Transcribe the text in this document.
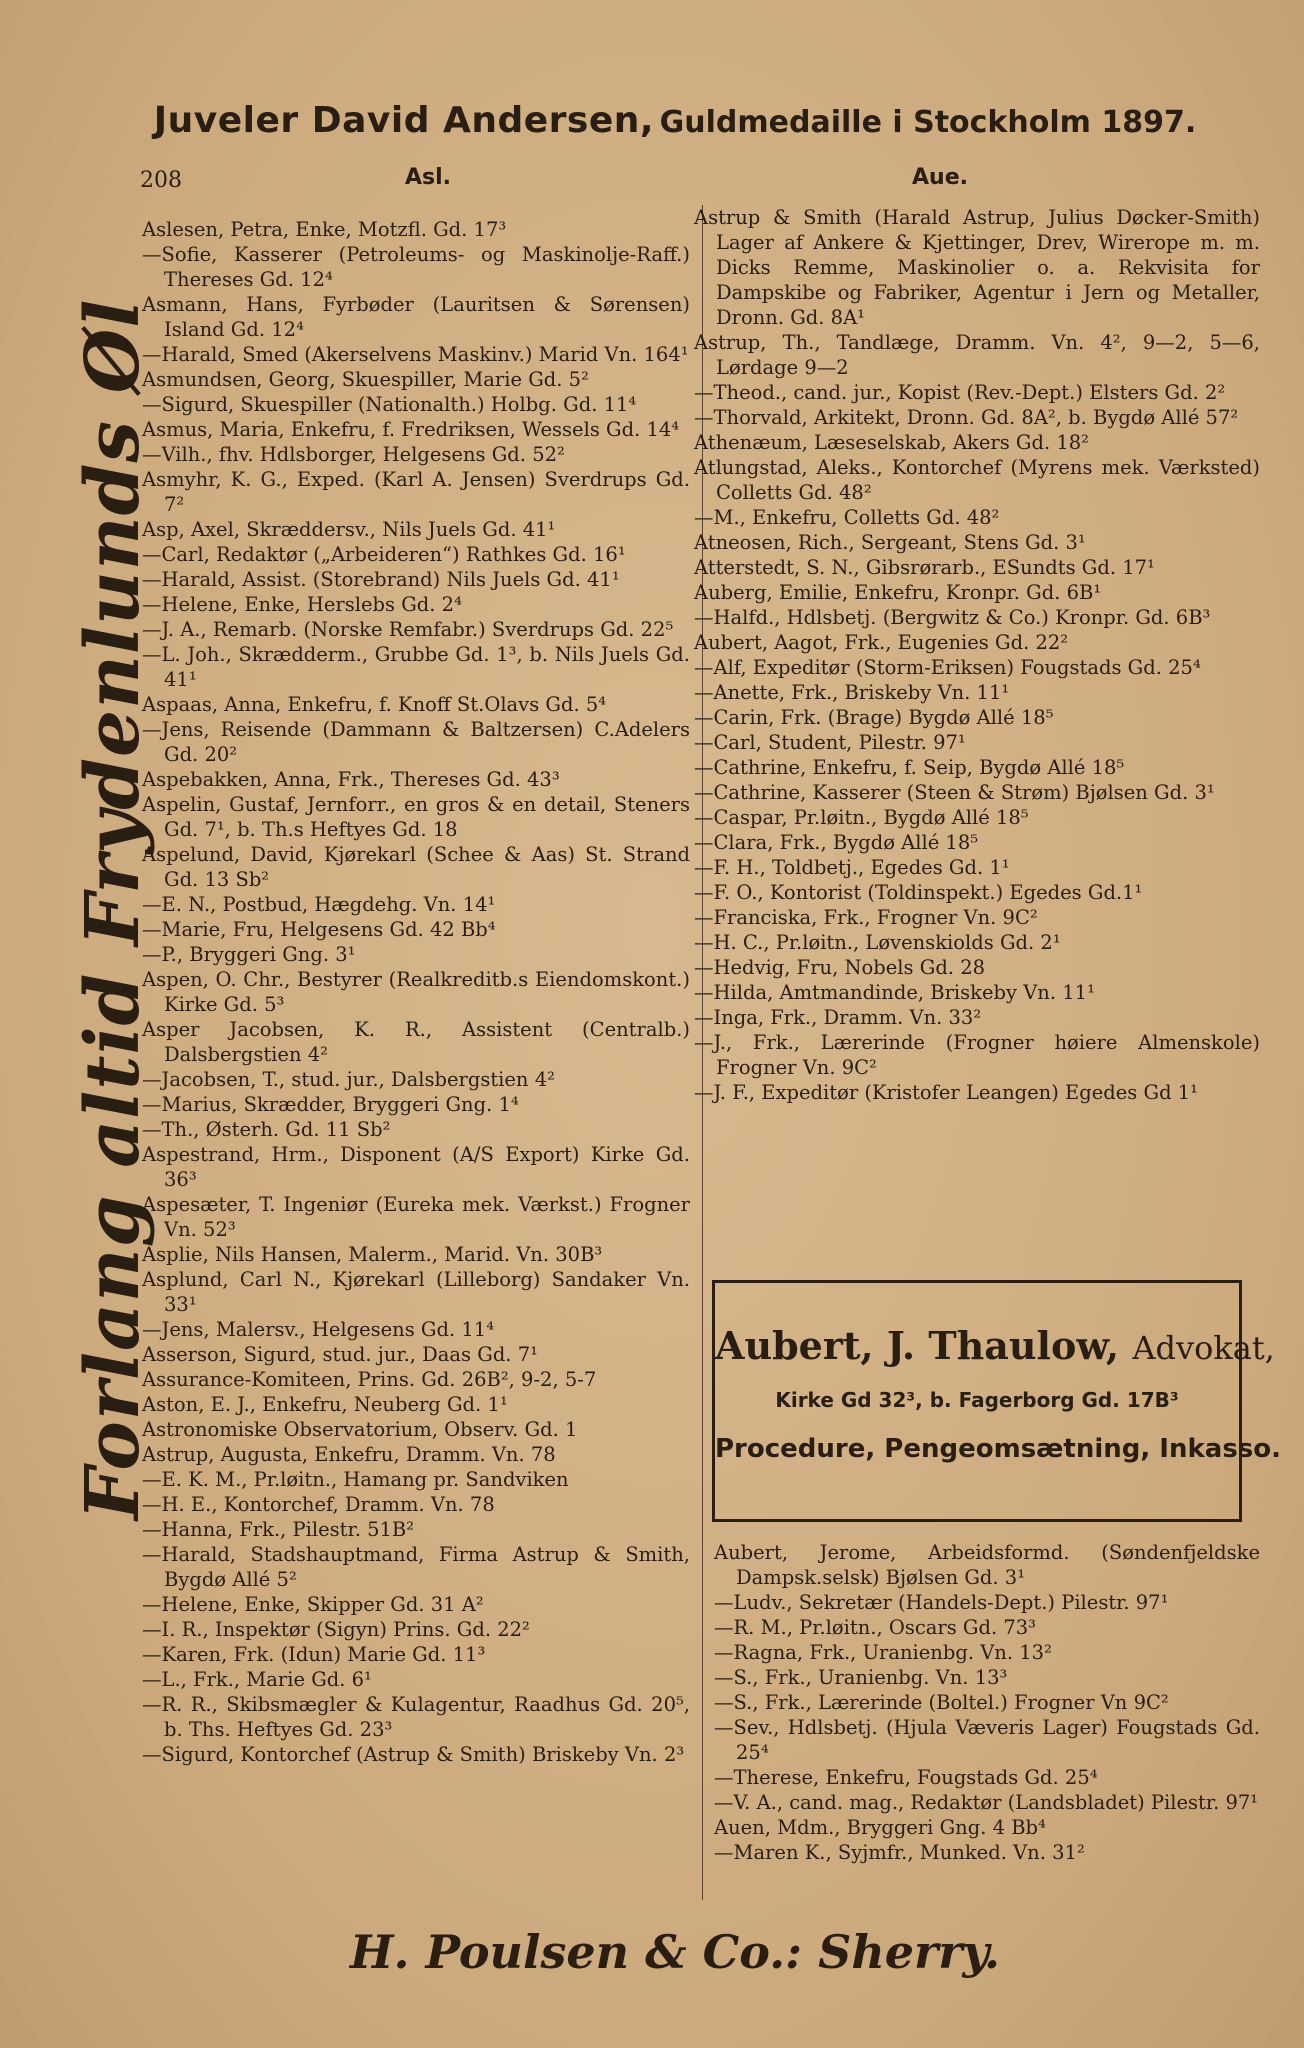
Juveler David Andersen, Guldmedaille i Stockholm 1897.
208	Asl.	Aue.
Forlang altid Frydenlunds Øl
Aslesen, Petra, Enke, Motzfl. Gd. 17³
—Sofie, Kasserer (Petroleums- og Maskinolje-Raff.) Thereses Gd. 12⁴
Asmann, Hans, Fyrbøder (Lauritsen & Sørensen) Island Gd. 12⁴
—Harald, Smed (Akerselvens Maskinv.) Marid Vn. 164¹
Asmundsen, Georg, Skuespiller, Marie Gd. 5²
—Sigurd, Skuespiller (Nationalth.) Holbg. Gd. 11⁴
Asmus, Maria, Enkefru, f. Fredriksen, Wessels Gd. 14⁴
—Vilh., fhv. Hdlsborger, Helgesens Gd. 52²
Asmyhr, K. G., Exped. (Karl A. Jensen) Sverdrups Gd. 7²
Asp, Axel, Skræddersv., Nils Juels Gd. 41¹
—Carl, Redaktør („Arbeideren“) Rathkes Gd. 16¹
—Harald, Assist. (Storebrand) Nils Juels Gd. 41¹
—Helene, Enke, Herslebs Gd. 2⁴
—J. A., Remarb. (Norske Remfabr.) Sverdrups Gd. 22⁵
—L. Joh., Skrædderm., Grubbe Gd. 1³, b. Nils Juels Gd. 41¹
Aspaas, Anna, Enkefru, f. Knoff St.Olavs Gd. 5⁴
—Jens, Reisende (Dammann & Baltzersen) C.Adelers Gd. 20²
Aspebakken, Anna, Frk., Thereses Gd. 43³
Aspelin, Gustaf, Jernforr., en gros & en detail, Steners Gd. 7¹, b. Th.s Heftyes Gd. 18
Aspelund, David, Kjørekarl (Schee & Aas) St. Strand Gd. 13 Sb²
—E. N., Postbud, Hægdehg. Vn. 14¹
—Marie, Fru, Helgesens Gd. 42 Bb⁴
—P., Bryggeri Gng. 3¹
Aspen, O. Chr., Bestyrer (Realkreditb.s Eiendomskont.) Kirke Gd. 5³
Asper Jacobsen, K. R., Assistent (Centralb.) Dalsbergstien 4²
—Jacobsen, T., stud. jur., Dalsbergstien 4²
—Marius, Skrædder, Bryggeri Gng. 1⁴
—Th., Østerh. Gd. 11 Sb²
Aspestrand, Hrm., Disponent (A/S Export) Kirke Gd. 36³
Aspesæter, T. Ingeniør (Eureka mek. Værkst.) Frogner Vn. 52³
Asplie, Nils Hansen, Malerm., Marid. Vn. 30B³
Asplund, Carl N., Kjørekarl (Lilleborg) Sandaker Vn. 33¹
—Jens, Malersv., Helgesens Gd. 11⁴
Asserson, Sigurd, stud. jur., Daas Gd. 7¹
Assurance-Komiteen, Prins. Gd. 26B², 9-2, 5-7
Aston, E. J., Enkefru, Neuberg Gd. 1¹
Astronomiske Observatorium, Observ. Gd. 1
Astrup, Augusta, Enkefru, Dramm. Vn. 78
—E. K. M., Pr.løitn., Hamang pr. Sandviken
—H. E., Kontorchef, Dramm. Vn. 78
—Hanna, Frk., Pilestr. 51B²
—Harald, Stadshauptmand, Firma Astrup & Smith, Bygdø Allé 5²
—Helene, Enke, Skipper Gd. 31 A²
—I. R., Inspektør (Sigyn) Prins. Gd. 22²
—Karen, Frk. (Idun) Marie Gd. 11³
—L., Frk., Marie Gd. 6¹
—R. R., Skibsmægler & Kulagentur, Raadhus Gd. 20⁵, b. Ths. Heftyes Gd. 23³
—Sigurd, Kontorchef (Astrup & Smith) Briskeby Vn. 2³
Astrup & Smith (Harald Astrup, Julius Døcker-Smith) Lager af Ankere & Kjettinger, Drev, Wirerope m. m. Dicks Remme, Maskinolier o. a. Rekvisita for Dampskibe og Fabriker, Agentur i Jern og Metaller, Dronn. Gd. 8A¹
Astrup, Th., Tandlæge, Dramm. Vn. 4², 9—2, 5—6, Lørdage 9—2
—Theod., cand. jur., Kopist (Rev.-Dept.) Elsters Gd. 2²
—Thorvald, Arkitekt, Dronn. Gd. 8A², b. Bygdø Allé 57²
Athenæum, Læseselskab, Akers Gd. 18²
Atlungstad, Aleks., Kontorchef (Myrens mek. Værksted) Colletts Gd. 48²
—M., Enkefru, Colletts Gd. 48²
Atneosen, Rich., Sergeant, Stens Gd. 3¹
Atterstedt, S. N., Gibsrørarb., ESundts Gd. 17¹
Auberg, Emilie, Enkefru, Kronpr. Gd. 6B¹
—Halfd., Hdlsbetj. (Bergwitz & Co.) Kronpr. Gd. 6B³
Aubert, Aagot, Frk., Eugenies Gd. 22²
—Alf, Expeditør (Storm-Eriksen) Fougstads Gd. 25⁴
—Anette, Frk., Briskeby Vn. 11¹
—Carin, Frk. (Brage) Bygdø Allé 18⁵
—Carl, Student, Pilestr. 97¹
—Cathrine, Enkefru, f. Seip, Bygdø Allé 18⁵
—Cathrine, Kasserer (Steen & Strøm) Bjølsen Gd. 3¹
—Caspar, Pr.løitn., Bygdø Allé 18⁵
—Clara, Frk., Bygdø Allé 18⁵
—F. H., Toldbetj., Egedes Gd. 1¹
—F. O., Kontorist (Toldinspekt.) Egedes Gd.1¹
—Franciska, Frk., Frogner Vn. 9C²
—H. C., Pr.løitn., Løvenskiolds Gd. 2¹
—Hedvig, Fru, Nobels Gd. 28
—Hilda, Amtmandinde, Briskeby Vn. 11¹
—Inga, Frk., Dramm. Vn. 33²
—J., Frk., Lærerinde (Frogner høiere Almenskole) Frogner Vn. 9C²
—J. F., Expeditør (Kristofer Leangen) Egedes Gd 1¹
Aubert, J. Thaulow, Advokat,
Kirke Gd 32³, b. Fagerborg Gd. 17B³
Procedure, Pengeomsætning, Inkasso.
Aubert, Jerome, Arbeidsformd. (Søndenfjeldske Dampsk.selsk) Bjølsen Gd. 3¹
—Ludv., Sekretær (Handels-Dept.) Pilestr. 97¹
—R. M., Pr.løitn., Oscars Gd. 73³
—Ragna, Frk., Uranienbg. Vn. 13²
—S., Frk., Uranienbg. Vn. 13³
—S., Frk., Lærerinde (Boltel.) Frogner Vn 9C²
—Sev., Hdlsbetj. (Hjula Væveris Lager) Fougstads Gd. 25⁴
—Therese, Enkefru, Fougstads Gd. 25⁴
—V. A., cand. mag., Redaktør (Landsbladet) Pilestr. 97¹
Auen, Mdm., Bryggeri Gng. 4 Bb⁴
—Maren K., Syjmfr., Munked. Vn. 31²
H. Poulsen & Co.: Sherry.
